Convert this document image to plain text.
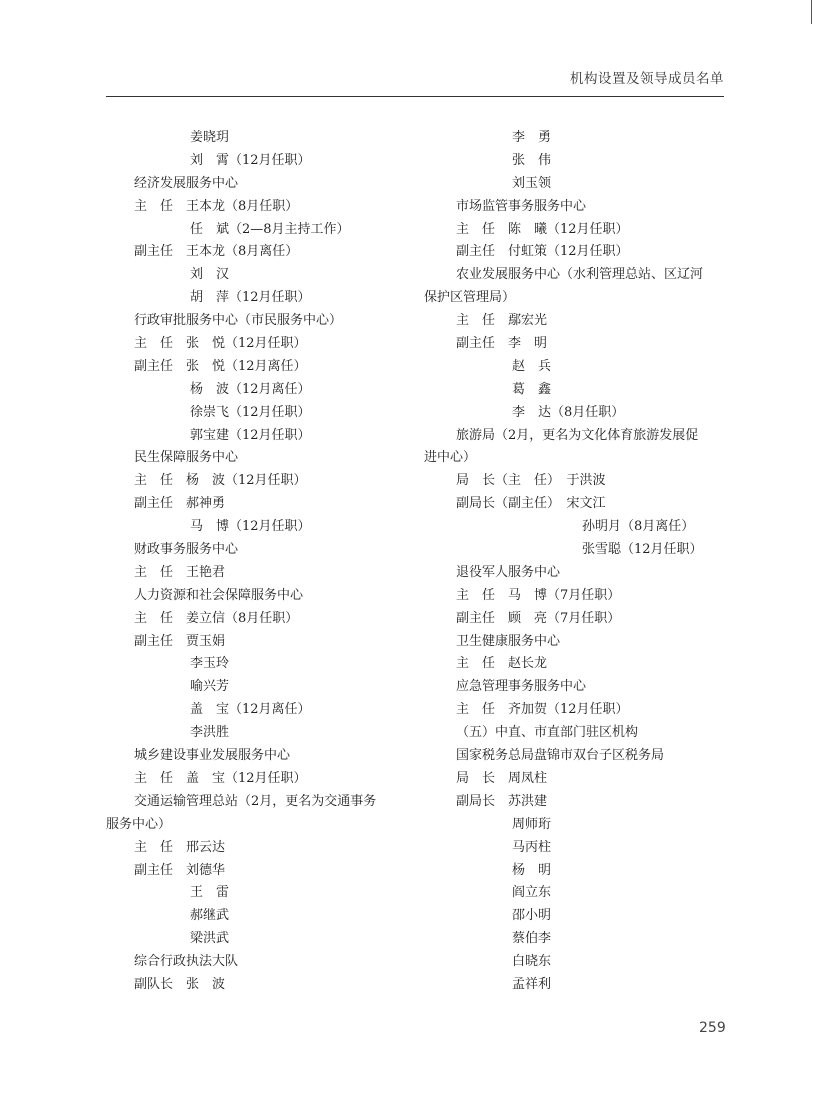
机构设置及领导成员名单
姜晓玥
刘　霄（12月任职）
经济发展服务中心
主　任　王本龙（8月任职）
任　斌（2—8月主持工作）
副主任　王本龙（8月离任）
刘　汉
胡　萍（12月任职）
行政审批服务中心（市民服务中心）
主　任　张　悦（12月任职）
副主任　张　悦（12月离任）
杨　波（12月离任）
徐崇飞（12月任职）
郭宝建（12月任职）
民生保障服务中心
主　任　杨　波（12月任职）
副主任　郝神勇
马　博（12月任职）
财政事务服务中心
主　任　王艳君
人力资源和社会保障服务中心
主　任　姜立信（8月任职）
副主任　贾玉娟
李玉玲
喻兴芳
盖　宝（12月离任）
李洪胜
城乡建设事业发展服务中心
主　任　盖　宝（12月任职）
交通运输管理总站（2月，更名为交通事务
服务中心）
主　任　邢云达
副主任　刘德华
王　雷
郝继武
梁洪武
综合行政执法大队
副队长　张　波
李　勇
张　伟
刘玉领
市场监管事务服务中心
主　任　陈　曦（12月任职）
副主任　付虹策（12月任职）
农业发展服务中心（水利管理总站、区辽河
保护区管理局）
主　任　鄢宏光
副主任　李　明
赵　兵
葛　鑫
李　达（8月任职）
旅游局（2月，更名为文化体育旅游发展促
进中心）
局　长（主　任）　于洪波
副局长（副主任）　宋文江
孙明月（8月离任）
张雪聪（12月任职）
退役军人服务中心
主　任　马　博（7月任职）
副主任　顾　亮（7月任职）
卫生健康服务中心
主　任　赵长龙
应急管理事务服务中心
主　任　齐加贺（12月任职）
（五）中直、市直部门驻区机构
国家税务总局盘锦市双台子区税务局
局　长　周凤柱
副局长　苏洪建
周师珩
马丙柱
杨　明
阎立东
邵小明
蔡伯李
白晓东
孟祥利
259
